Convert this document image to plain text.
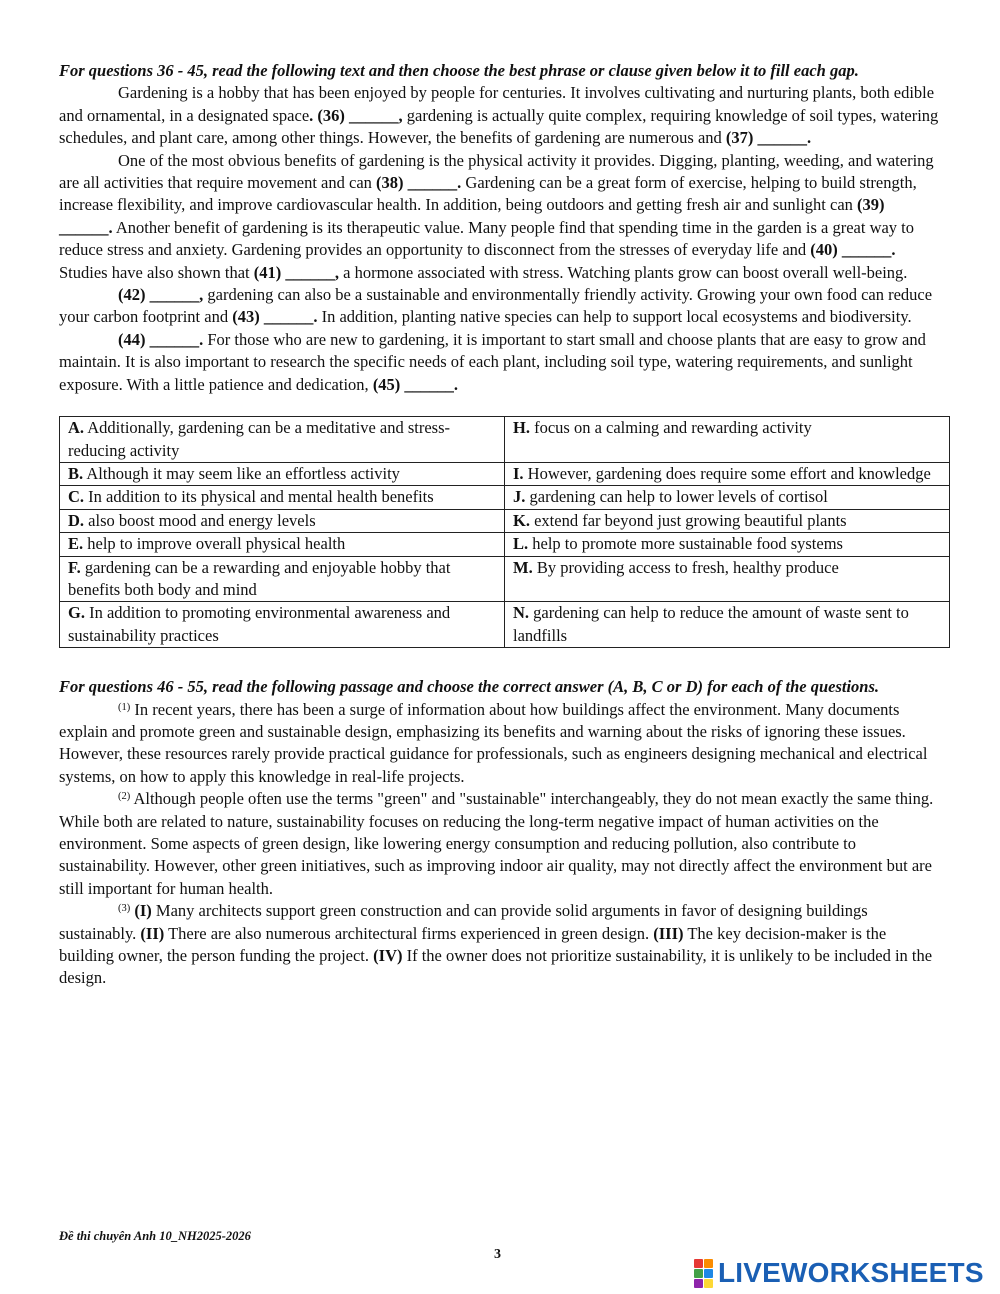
For questions 36 - 45, read the following text and then choose the best phrase or clause given below it to fill each gap.

Gardening is a hobby that has been enjoyed by people for centuries. It involves cultivating and nurturing plants, both edible and ornamental, in a designated space. (36) ______, gardening is actually quite complex, requiring knowledge of soil types, watering schedules, and plant care, among other things. However, the benefits of gardening are numerous and (37) ______.

One of the most obvious benefits of gardening is the physical activity it provides. Digging, planting, weeding, and watering are all activities that require movement and can (38) ______. Gardening can be a great form of exercise, helping to build strength, increase flexibility, and improve cardiovascular health. In addition, being outdoors and getting fresh air and sunlight can (39) ______. Another benefit of gardening is its therapeutic value. Many people find that spending time in the garden is a great way to reduce stress and anxiety. Gardening provides an opportunity to disconnect from the stresses of everyday life and (40) ______. Studies have also shown that (41) ______, a hormone associated with stress. Watching plants grow can boost overall well-being.

(42) ______, gardening can also be a sustainable and environmentally friendly activity. Growing your own food can reduce your carbon footprint and (43) ______. In addition, planting native species can help to support local ecosystems and biodiversity.

(44) ______. For those who are new to gardening, it is important to start small and choose plants that are easy to grow and maintain. It is also important to research the specific needs of each plant, including soil type, watering requirements, and sunlight exposure. With a little patience and dedication, (45) ______.

A. Additionally, gardening can be a meditative and stress-reducing activity	H. focus on a calming and rewarding activity
B. Although it may seem like an effortless activity	I. However, gardening does require some effort and knowledge
C. In addition to its physical and mental health benefits	J. gardening can help to lower levels of cortisol
D. also boost mood and energy levels	K. extend far beyond just growing beautiful plants
E. help to improve overall physical health	L. help to promote more sustainable food systems
F. gardening can be a rewarding and enjoyable hobby that benefits both body and mind	M. By providing access to fresh, healthy produce
G. In addition to promoting environmental awareness and sustainability practices	N. gardening can help to reduce the amount of waste sent to landfills

For questions 46 - 55, read the following passage and choose the correct answer (A, B, C or D) for each of the questions.

$^{(1)}$ In recent years, there has been a surge of information about how buildings affect the environment. Many documents explain and promote green and sustainable design, emphasizing its benefits and warning about the risks of ignoring these issues. However, these resources rarely provide practical guidance for professionals, such as engineers designing mechanical and electrical systems, on how to apply this knowledge in real-life projects.

$^{(2)}$ Although people often use the terms "green" and "sustainable" interchangeably, they do not mean exactly the same thing. While both are related to nature, sustainability focuses on reducing the long-term negative impact of human activities on the environment. Some aspects of green design, like lowering energy consumption and reducing pollution, also contribute to sustainability. However, other green initiatives, such as improving indoor air quality, may not directly affect the environment but are still important for human health.

$^{(3)}$ (I) Many architects support green construction and can provide solid arguments in favor of designing buildings sustainably. (II) There are also numerous architectural firms experienced in green design. (III) The key decision-maker is the building owner, the person funding the project. (IV) If the owner does not prioritize sustainability, it is unlikely to be included in the design.

Đề thi chuyên Anh 10_NH2025-2026
3
LIVEWORKSHEETS
